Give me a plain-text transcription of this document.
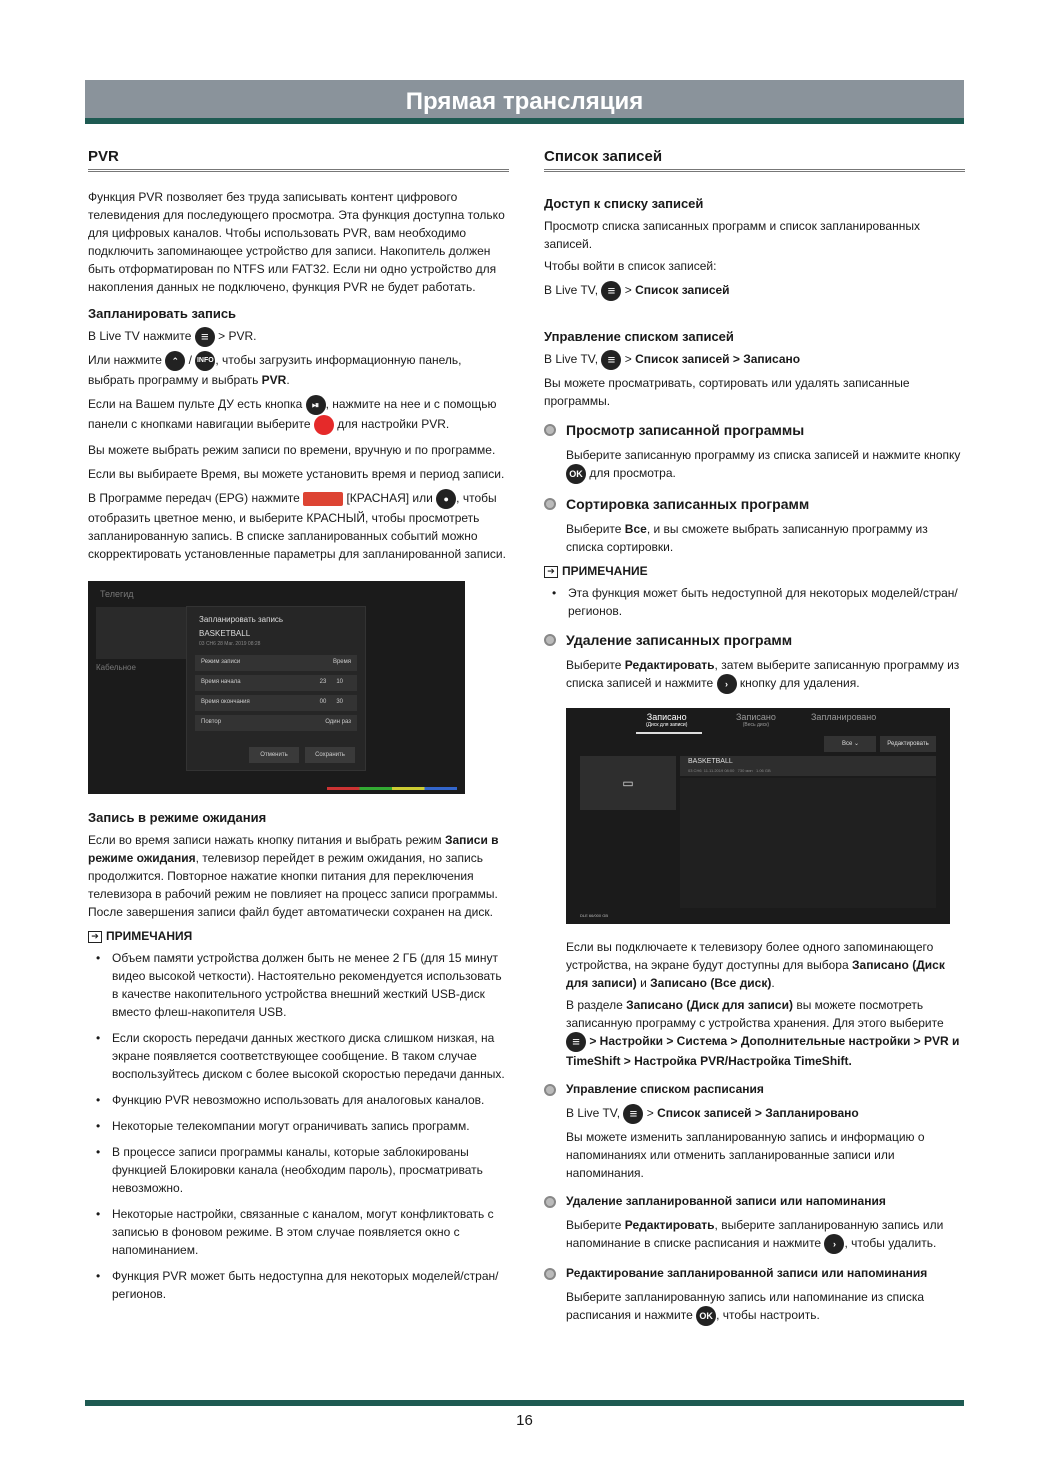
Прямая трансляция
PVR

Функция PVR позволяет без труда записывать контент цифрового телевидения для последующего просмотра. Эта функция доступна только для цифровых каналов. Чтобы использовать PVR, вам необходимо подключить запоминающее устройство для записи. Накопитель должен быть отформатирован по NTFS или FAT32. Если ни одно устройство для накопления данных не подключено, функция PVR не будет работать.

Запланировать запись

В Live TV нажмите ≡ > PVR.

Или нажмите ⌃ / INFO , чтобы загрузить информационную панель, выбрать программу и выбрать PVR.

Если на Вашем пульте ДУ есть кнопка ⏯ , нажмите на нее и с помощью панели с кнопками навигации выберите для настройки PVR.

Вы можете выбрать режим записи по времени, вручную и по программе.

Если вы выбираете Время, вы можете установить время и период записи.

В Программе передач (EPG) нажмите	[КРАСНАЯ] или ● , чтобы отобразить цветное меню, и выберите КРАСНЫЙ, чтобы просмотреть запланированную запись. В списке запланированных событий можно скорректировать установленные параметры для запланированной записи.

Телегид
Кабельное
Запланировать запись
BASKETBALL
03 CH6 28 Mar. 2019 08:28
Режим записи	Время
Время начала	23      10
Время окончания	00      30
Повтор	Один раз
Отменить	Сохранить
Запись в режиме ожидания

Если во время записи нажать кнопку питания и выбрать режим Записи в режиме ожидания, телевизор перейдет в режим ожидания, но запись продолжится. Повторное нажатие кнопки питания для переключения телевизора в рабочий режим не повлияет на процесс записи программы. После завершения записи файл будет автоматически сохранен на диск.

➔ ПРИМЕЧАНИЯ
• Объем памяти устройства должен быть не менее 2 ГБ (для 15 минут видео высокой четкости). Настоятельно рекомендуется использовать в качестве накопительного устройства внешний жесткий USB-диск вместо флеш-накопителя USB.
• Если скорость передачи данных жесткого диска слишком низкая, на экране появляется соответствующее сообщение. В таком случае воспользуйтесь диском с более высокой скоростью передачи данных.
• Функцию PVR невозможно использовать для аналоговых каналов.
• Некоторые телекомпании могут ограничивать запись программ.
• В процессе записи программы каналы, которые заблокированы функцией Блокировки канала (необходим пароль), просматривать невозможно.
• Некоторые настройки, связанные с каналом, могут конфликтовать с записью в фоновом режиме. В этом случае появляется окно с напоминанием.
• Функция PVR может быть недоступна для некоторых моделей/стран/регионов.
Список записей
Доступ к списку записей

Просмотр списка записанных программ и список запланированных записей.

Чтобы войти в список записей:

В Live TV, ≡ > Список записей

Управление списком записей

В Live TV, ≡ > Список записей > Записано

Вы можете просматривать, сортировать или удалять записанные программы.

Просмотр записанной программы

Выберите записанную программу из списка записей и нажмите кнопку OK для просмотра.

Сортировка записанных программ

Выберите Все, и вы сможете выбрать записанную программу из списка сортировки.

➔ ПРИМЕЧАНИЕ
• Эта функция может быть недоступной для некоторых моделей/стран/регионов.
Удаление записанных программ

Выберите Редактировать, затем выберите записанную программу из списка записей и нажмите › кнопку для удаления.

Записано
(Диск для записи)
Записано
(Весь диск)
Запланировано
Все ⌄	Редактировать
▭
BASKETBALL
03 CH6  11.11.2019 08:00   730 мин   1.06 GB
DLE 66/000 GB

Если вы подключаете к телевизору более одного запоминающего устройства, на экране будут доступны для выбора Записано (Диск для записи) и Записано (Все диск).

В разделе Записано (Диск для записи) вы можете посмотреть записанную программу с устройства хранения. Для этого выберите ≡ > Настройки > Система > Дополнительные настройки > PVR и TimeShift > Настройка PVR/Настройка TimeShift.

Управление списком расписания

В Live TV, ≡ > Список записей > Запланировано

Вы можете изменить запланированную запись и информацию о напоминаниях или отменить запланированные записи или напоминания.

Удаление запланированной записи или напоминания

Выберите Редактировать, выберите запланированную запись или напоминание в списке расписания и нажмите › , чтобы удалить.

Редактирование запланированной записи или напоминания

Выберите запланированную запись или напоминание из списка расписания и нажмите OK , чтобы настроить.

16
